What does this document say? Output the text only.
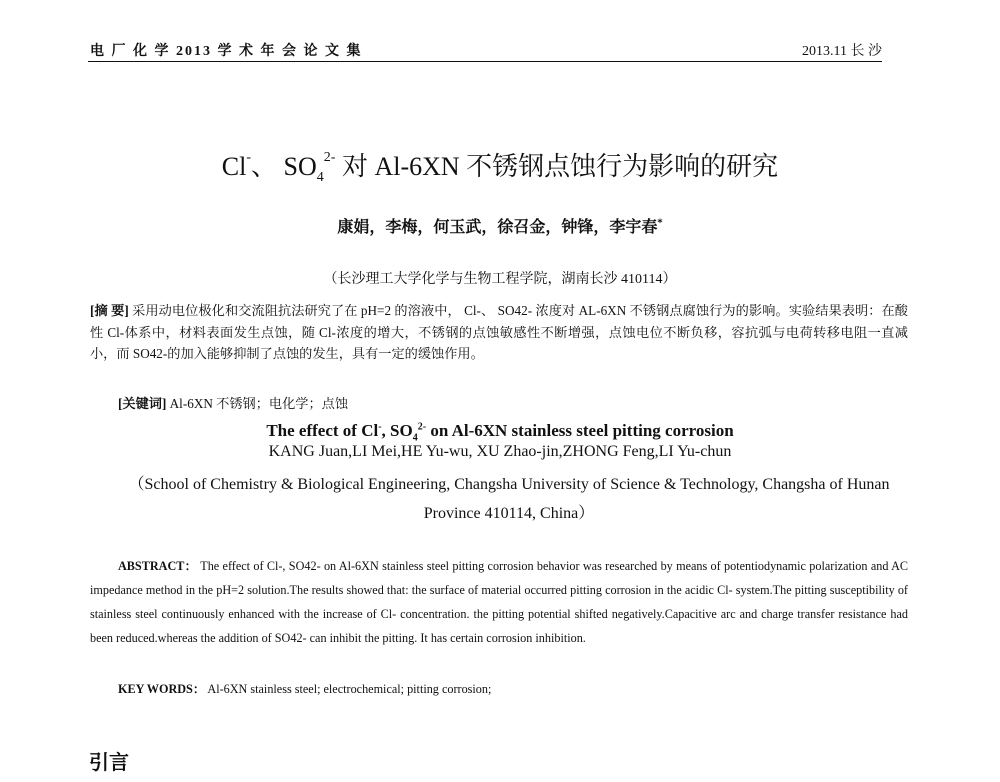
电 厂 化 学 2013 学 术 年 会 论 文 集	2013.11 长 沙
Cl-、 $SO_4^{2-}$ 对 Al-6XN 不锈钢点蚀行为影响的研究
康娟，李梅，何玉武，徐召金，钟锋，李宇春*
（长沙理工大学化学与生物工程学院，湖南长沙 410114）
[摘 要] 采用动电位极化和交流阻抗法研究了在 pH=2 的溶液中， Cl-、 SO42- 浓度对 AL-6XN 不锈钢点腐蚀行为的影响。实验结果表明：在酸性 Cl-体系中，材料表面发生点蚀，随 Cl-浓度的增大，不锈钢的点蚀敏感性不断增强，点蚀电位不断负移，容抗弧与电荷转移电阻一直减小，而 SO42-的加入能够抑制了点蚀的发生，具有一定的缓蚀作用。
[关键词] Al-6XN 不锈钢；电化学；点蚀
The effect of Cl-, $SO_4^{2-}$ on Al-6XN stainless steel pitting corrosion
KANG Juan,LI Mei,HE Yu-wu, XU Zhao-jin,ZHONG Feng,LI Yu-chun
（School of Chemistry & Biological Engineering, Changsha University of Science & Technology, Changsha of Hunan Province 410114, China）
ABSTRACT： The effect of Cl-, SO42- on Al-6XN stainless steel pitting corrosion behavior was researched by means of potentiodynamic polarization and AC impedance method in the pH=2 solution.The results showed that: the surface of material occurred pitting corrosion in the acidic Cl- system.The pitting susceptibility of stainless steel continuously enhanced with the increase of Cl- concentration. the pitting potential shifted negatively.Capacitive arc and charge transfer resistance had been reduced.whereas the addition of SO42- can inhibit the pitting. It has certain corrosion inhibition.
KEY WORDS： Al-6XN stainless steel; electrochemical; pitting corrosion;
引言
